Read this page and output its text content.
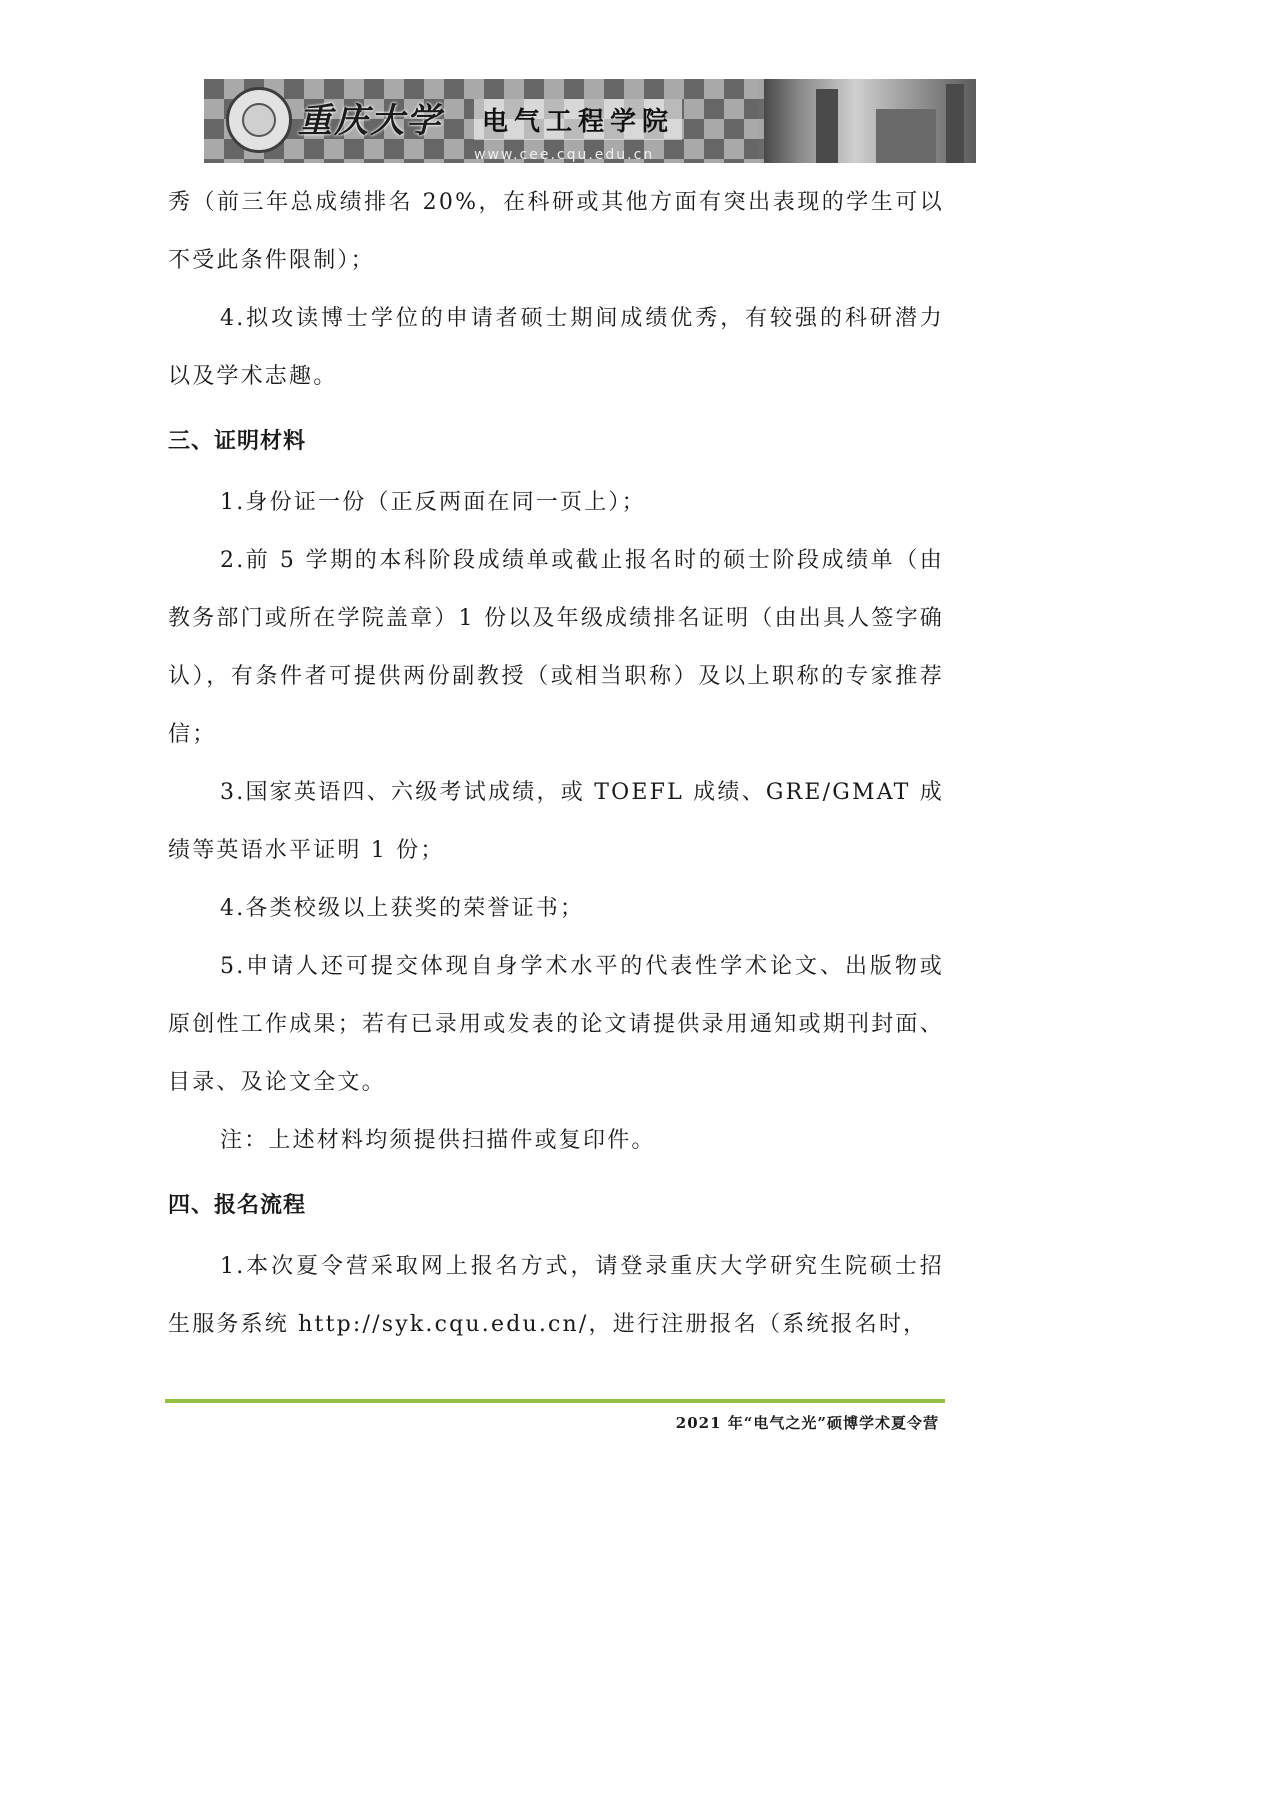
重庆大学	电气工程学院
www.cee.cqu.edu.cn

秀（前三年总成绩排名 20%，在科研或其他方面有突出表现的学生可以不受此条件限制）；

4.拟攻读博士学位的申请者硕士期间成绩优秀，有较强的科研潜力以及学术志趣。

三、证明材料

1.身份证一份（正反两面在同一页上）；

2.前 5 学期的本科阶段成绩单或截止报名时的硕士阶段成绩单（由教务部门或所在学院盖章）1 份以及年级成绩排名证明（由出具人签字确认），有条件者可提供两份副教授（或相当职称）及以上职称的专家推荐信；

3.国家英语四、六级考试成绩，或 TOEFL 成绩、GRE/GMAT 成绩等英语水平证明 1 份；

4.各类校级以上获奖的荣誉证书；

5.申请人还可提交体现自身学术水平的代表性学术论文、出版物或原创性工作成果；若有已录用或发表的论文请提供录用通知或期刊封面、目录、及论文全文。

注：上述材料均须提供扫描件或复印件。

四、报名流程

1.本次夏令营采取网上报名方式，请登录重庆大学研究生院硕士招生服务系统 http://syk.cqu.edu.cn/，进行注册报名（系统报名时，

2021 年“电气之光”硕博学术夏令营
